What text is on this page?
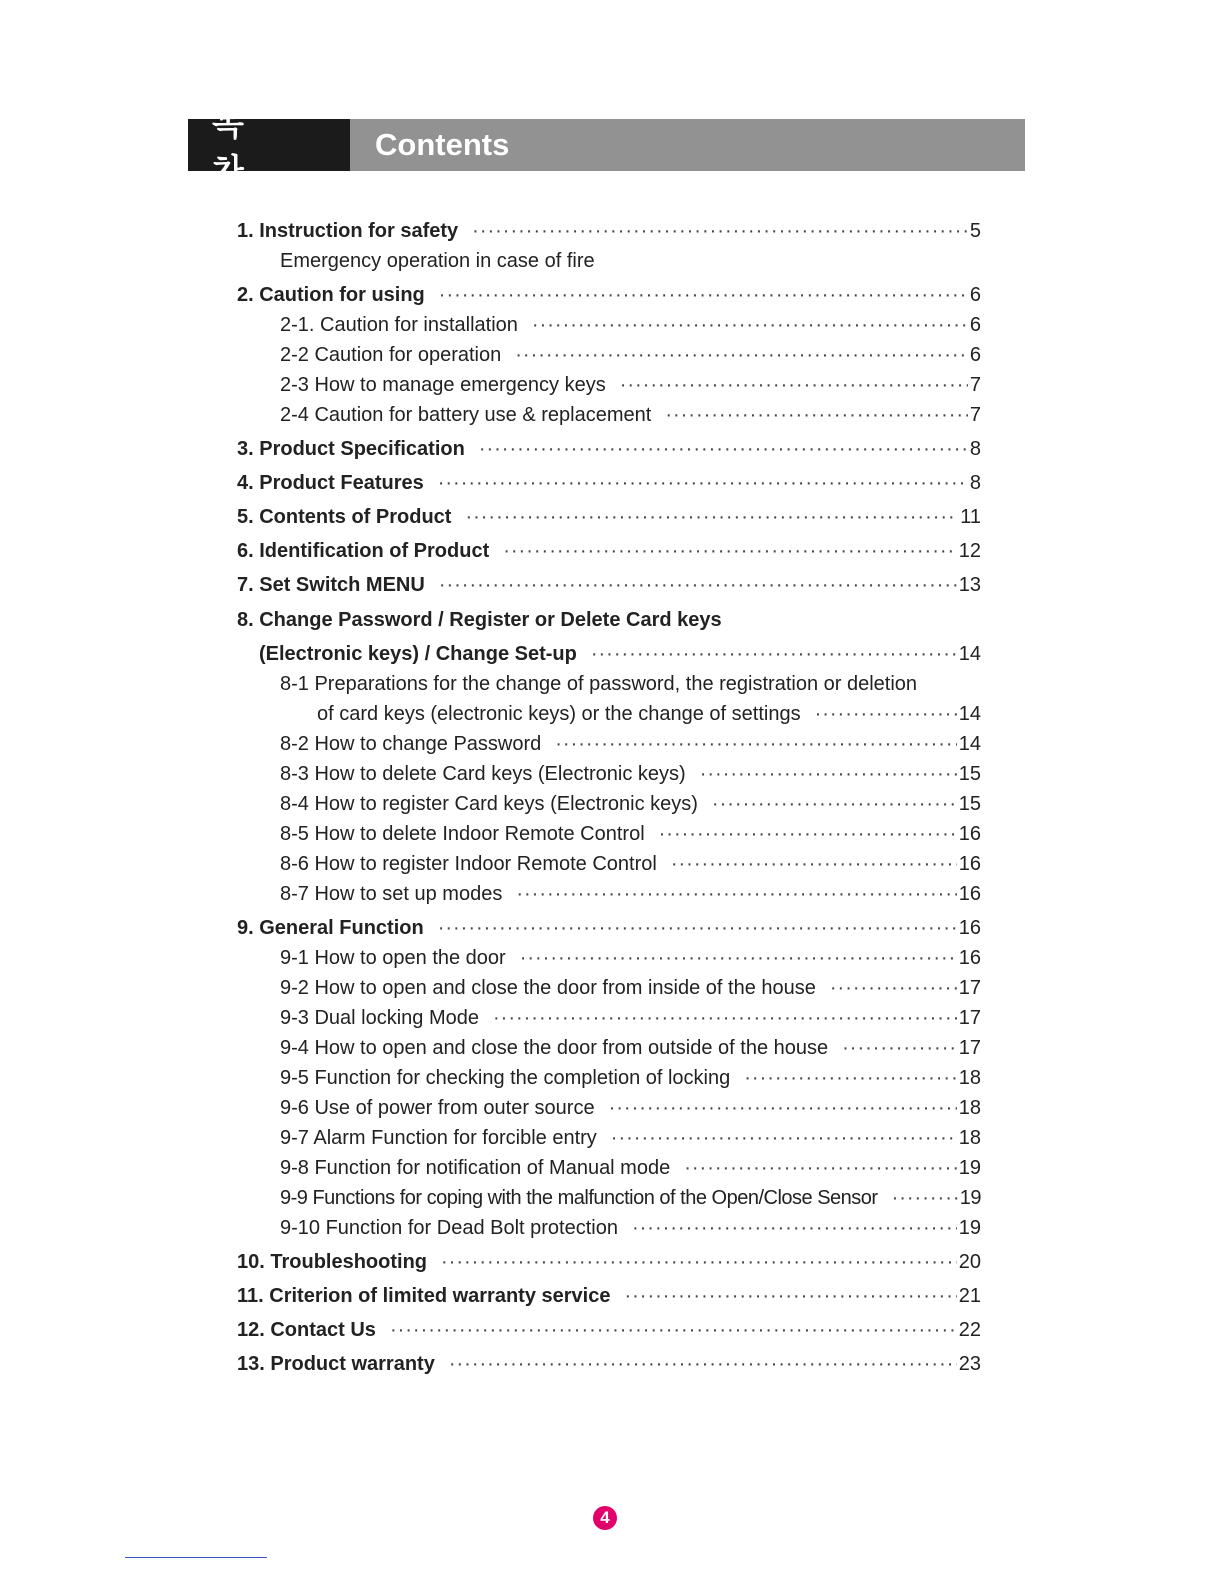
목 차
Contents
1. Instruction for safety ·····	5
Emergency operation in case of fire
2. Caution for using ·····	6
2-1. Caution for installation ·····	6
2-2 Caution for operation ·····	6
2-3 How to manage emergency keys ·····	7
2-4 Caution for battery use & replacement ·····	7
3. Product Specification ·····	8
4. Product Features ·····	8
5. Contents of Product ·····	11
6. Identification of Product ·····	12
7. Set Switch MENU ·····	13
8. Change Password / Register or Delete Card keys
(Electronic keys) / Change Set-up ·····	14
8-1 Preparations for the change of password, the registration or deletion
of card keys (electronic keys) or the change of settings ·····	14
8-2 How to change Password ·····	14
8-3 How to delete Card keys (Electronic keys) ·····	15
8-4 How to register Card keys (Electronic keys) ·····	15
8-5 How to delete Indoor Remote Control ·····	16
8-6 How to register Indoor Remote Control ·····	16
8-7 How to set up modes ·····	16
9. General Function ·····	16
9-1 How to open the door ·····	16
9-2 How to open and close the door from inside of the house ·····	17
9-3 Dual locking Mode ·····	17
9-4 How to open and close the door from outside of the house ·····	17
9-5 Function for checking the completion of locking ·····	18
9-6 Use of power from outer source ·····	18
9-7 Alarm Function for forcible entry ·····	18
9-8 Function for notification of Manual mode ·····	19
9-9 Functions for coping with the malfunction of the Open/Close Sensor ·····	19
9-10 Function for Dead Bolt protection ·····	19
10. Troubleshooting ·····	20
11. Criterion of limited warranty service ·····	21
12. Contact Us ·····	22
13. Product warranty ·····	23
4
